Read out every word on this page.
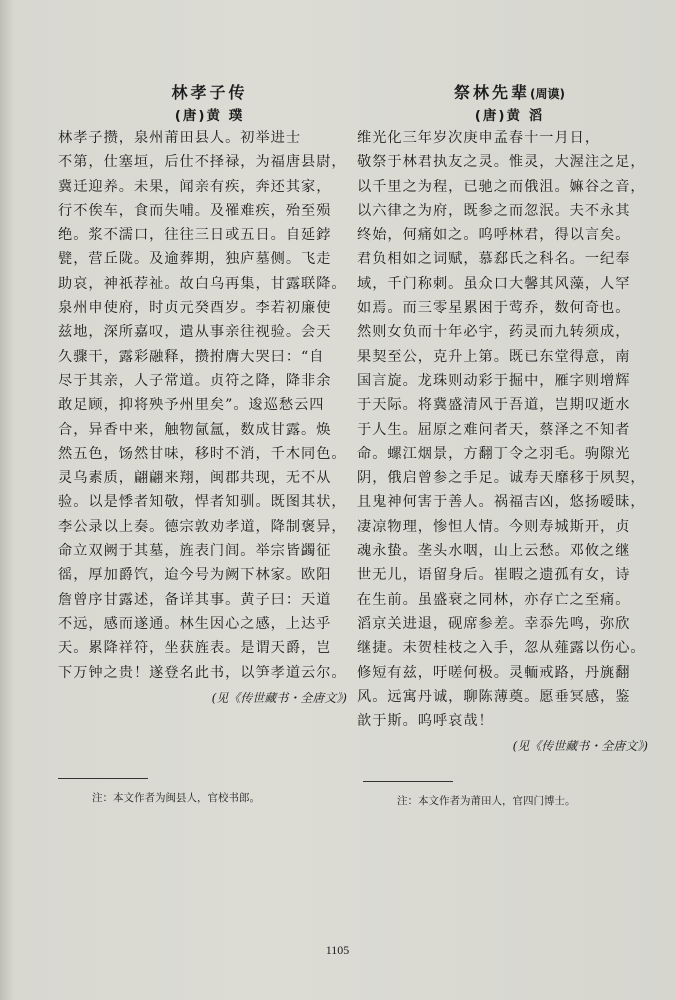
林孝子传
(唐)黄 璞
林孝子攒，泉州莆田县人。初举进士
不第，仕塞垣，后仕不择禄，为福唐县尉，
冀迁迎养。未果，闻亲有疾，奔还其家，
行不俟车，食而失哺。及罹难疾，殆至殒
绝。浆不濡口，往往三日或五日。自延鋍
甓，营丘陇。及逾葬期，独庐墓侧。飞走
助哀，神祇荐祉。故白乌再集，甘露联降。
泉州申使府，时贞元癸酉岁。李若初廉使
兹地，深所嘉叹，遣从事亲往视验。会天
久骤干，露彩融释，攒拊膺大哭曰：“自
尽于其亲，人子常道。贞符之降，降非余
敢足顾，抑将殃予州里矣”。逡巡愁云四
合，异香中来，触物氤氲，数成甘露。焕
然五色，饧然甘味，移时不消，千木同色。
灵乌素质，翩翩来翔，闽郡共现，无不从
验。以是悸者知敬，悍者知驯。既图其状，
李公录以上奏。德宗敦劝孝道，降制褒异，
命立双阙于其墓，旌表门闾。举宗皆蠲征
徭，厚加爵饩，迨今号为阙下林家。欧阳
詹曾序甘露述，备详其事。黄子曰：天道
不远，感而遂通。林生因心之感，上达乎
天。累降祥符，坐获旌表。是谓天爵，岂
下万钟之贵！遂登名此书，以笋孝道云尔。
(见《传世藏书・全唐文》)
祭林先辈(周谟)
(唐)黄 滔
维光化三年岁次庚申孟春十一月日，
敬祭于林君执友之灵。惟灵，大渥注之足，
以千里之为程，已驰之而俄沮。嫲谷之音，
以六律之为府，既参之而忽泯。夫不永其
终始，何痛如之。呜呼林君，得以言矣。
君负相如之词赋，慕郄氏之科名。一纪奉
域，千门称刺。虽众口大馨其风藻，人罕
如焉。而三零星累困于莺乔，数何奇也。
然则女负而十年必宇，药灵而九转须成，
果契至公，克升上第。既已东堂得意，南
国言旋。龙珠则动彩于掘中，雁字则增辉
于天际。将冀盛清风于吾道，岂期叹逝水
于人生。屈原之难问者天，蔡泽之不知者
命。螺江烟景，方翻丁令之羽毛。驹隙光
阴，俄启曾参之手足。诚寿天靡移于夙契，
且鬼神何害于善人。祸福吉凶，悠扬暧昧，
凄凉物理，惨怛人情。今则寿城斯开，贞
魂永蛰。垄头水咽，山上云愁。邓攸之继
世无儿，语留身后。崔暇之遗孤有女，诗
在生前。虽盛衰之同林，亦存亡之至痛。
滔京关进退，砚席参差。幸忝先鸣，弥欣
继捷。未贺桂枝之入手，忽从薤露以伤心。
修短有兹，吁嗟何极。灵輀戒路，丹旐翻
风。远寓丹诚，聊陈薄奠。愿垂冥感，鉴
歆于斯。呜呼哀哉！
(见《传世藏书・全唐文》)
注：本文作者为闽县人，官校书郎。	注：本文作者为莆田人，官四门博士。
1105
